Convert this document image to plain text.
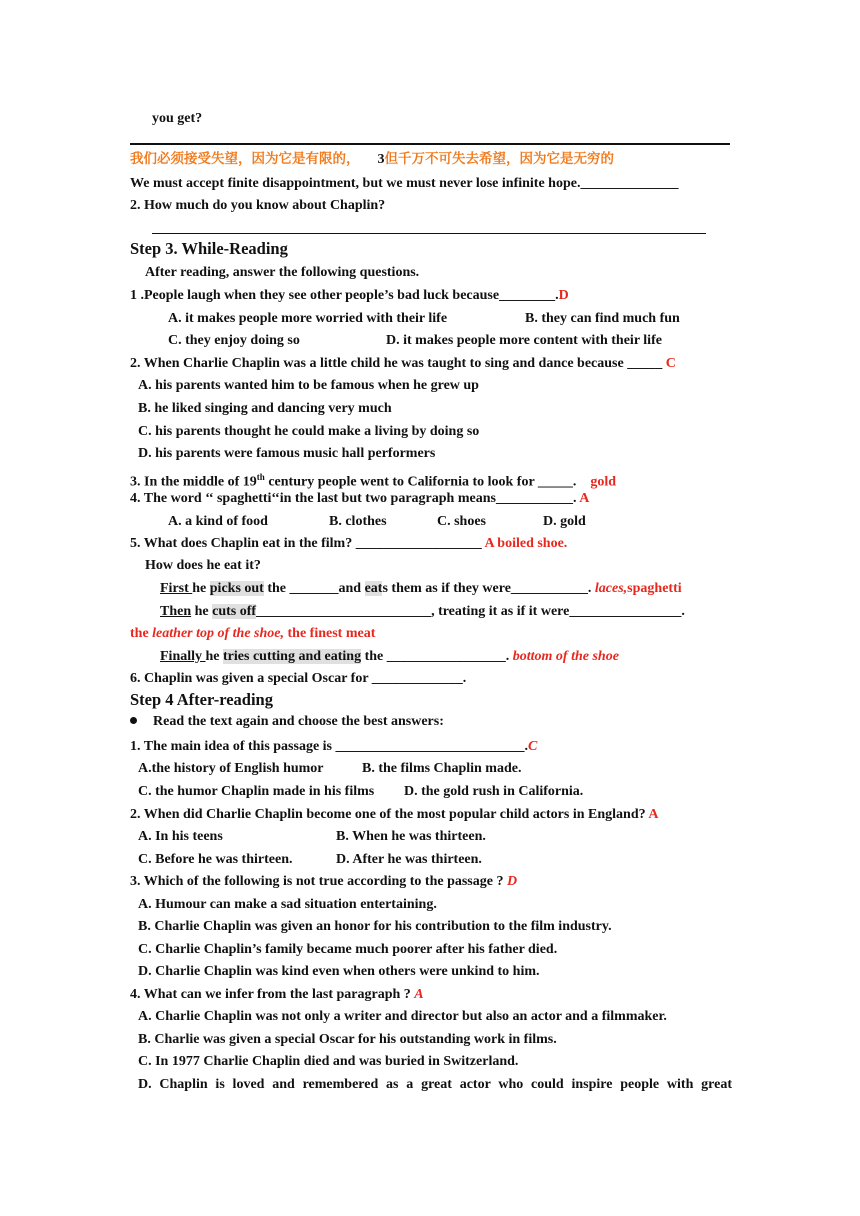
you get?
我们必须接受失望，因为它是有限的， 3但千万不可失去希望，因为它是无穷的
We must accept finite disappointment, but we must never lose infinite hope.______________
2. How much do you know about Chaplin?
Step 3. While-Reading
After reading, answer the following questions.
1 .People laugh when they see other people’s bad luck because________.D
A. it makes people more worried with their life	B. they can find much fun
C. they enjoy doing so	D. it makes people more content with their life
2. When Charlie Chaplin was a little child he was taught to sing and dance because _____ C
A. his parents wanted him to be famous when he grew up
B. he liked singing and dancing very much
C. his parents thought he could make a living by doing so
D. his parents were famous music hall performers
3. In the middle of 19th century people went to California to look for _____. gold
4. The word ‘‘ spaghetti‘‘in the last but two paragraph means___________. A
A. a kind of food	B. clothes	C. shoes	D. gold
5. What does Chaplin eat in the film? __________________ A boiled shoe.
How does he eat it?
First he picks out the _______and eats them as if they were___________. laces,spaghetti
Then he cuts off_________________________, treating it as if it were________________.
the leather top of the shoe, the finest meat
Finally he tries cutting and eating the _________________. bottom of the shoe
6. Chaplin was given a special Oscar for _____________.
Step 4 After-reading
Read the text again and choose the best answers:
1. The main idea of this passage is ___________________________.C
A.the history of English humor	B. the films Chaplin made.
C. the humor Chaplin made in his films D. the gold rush in California.
2. When did Charlie Chaplin become one of the most popular child actors in England? A
A. In his teens	B. When he was thirteen.
C. Before he was thirteen.	D. After he was thirteen.
3. Which of the following is not true according to the passage ? D
A. Humour can make a sad situation entertaining.
B. Charlie Chaplin was given an honor for his contribution to the film industry.
C. Charlie Chaplin’s family became much poorer after his father died.
D. Charlie Chaplin was kind even when others were unkind to him.
4. What can we infer from the last paragraph ? A
A. Charlie Chaplin was not only a writer and director but also an actor and a filmmaker.
B. Charlie was given a special Oscar for his outstanding work in films.
C. In 1977 Charlie Chaplin died and was buried in Switzerland.
D. Chaplin is loved and remembered as a great actor who could inspire people with great
